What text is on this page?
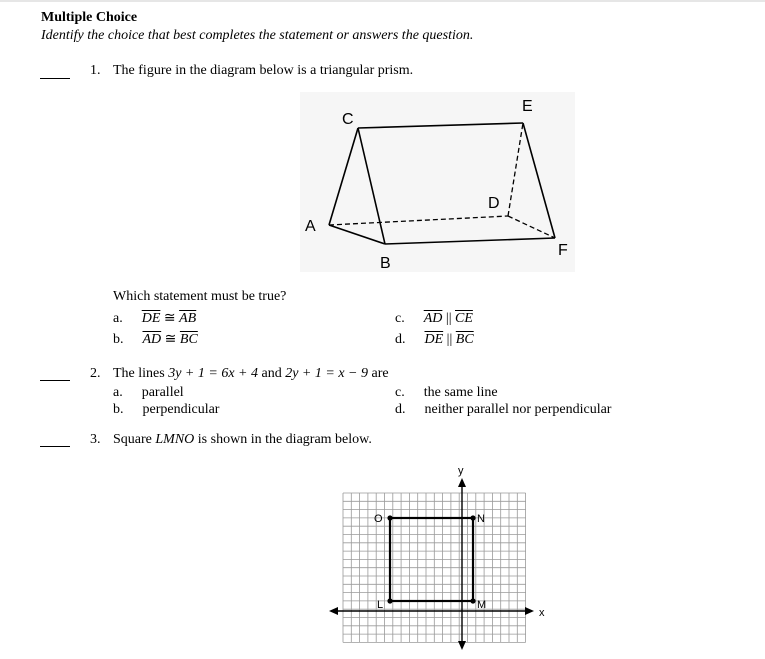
Multiple Choice
Identify the choice that best completes the statement or answers the question.
1. The figure in the diagram below is a triangular prism.
C
E
A
D
B
F
Which statement must be true?
a. $\overline{DE}$ ≅ $\overline{AB}$
b. $\overline{AD}$ ≅ $\overline{BC}$
c. $\overline{AD}$ || $\overline{CE}$
d. $\overline{DE}$ || $\overline{BC}$
2. The lines 3y + 1 = 6x + 4 and 2y + 1 = x − 9 are
a. parallel
b. perpendicular
c. the same line
d. neither parallel nor perpendicular
3. Square LMNO is shown in the diagram below.
y
x
O	N
L	M
